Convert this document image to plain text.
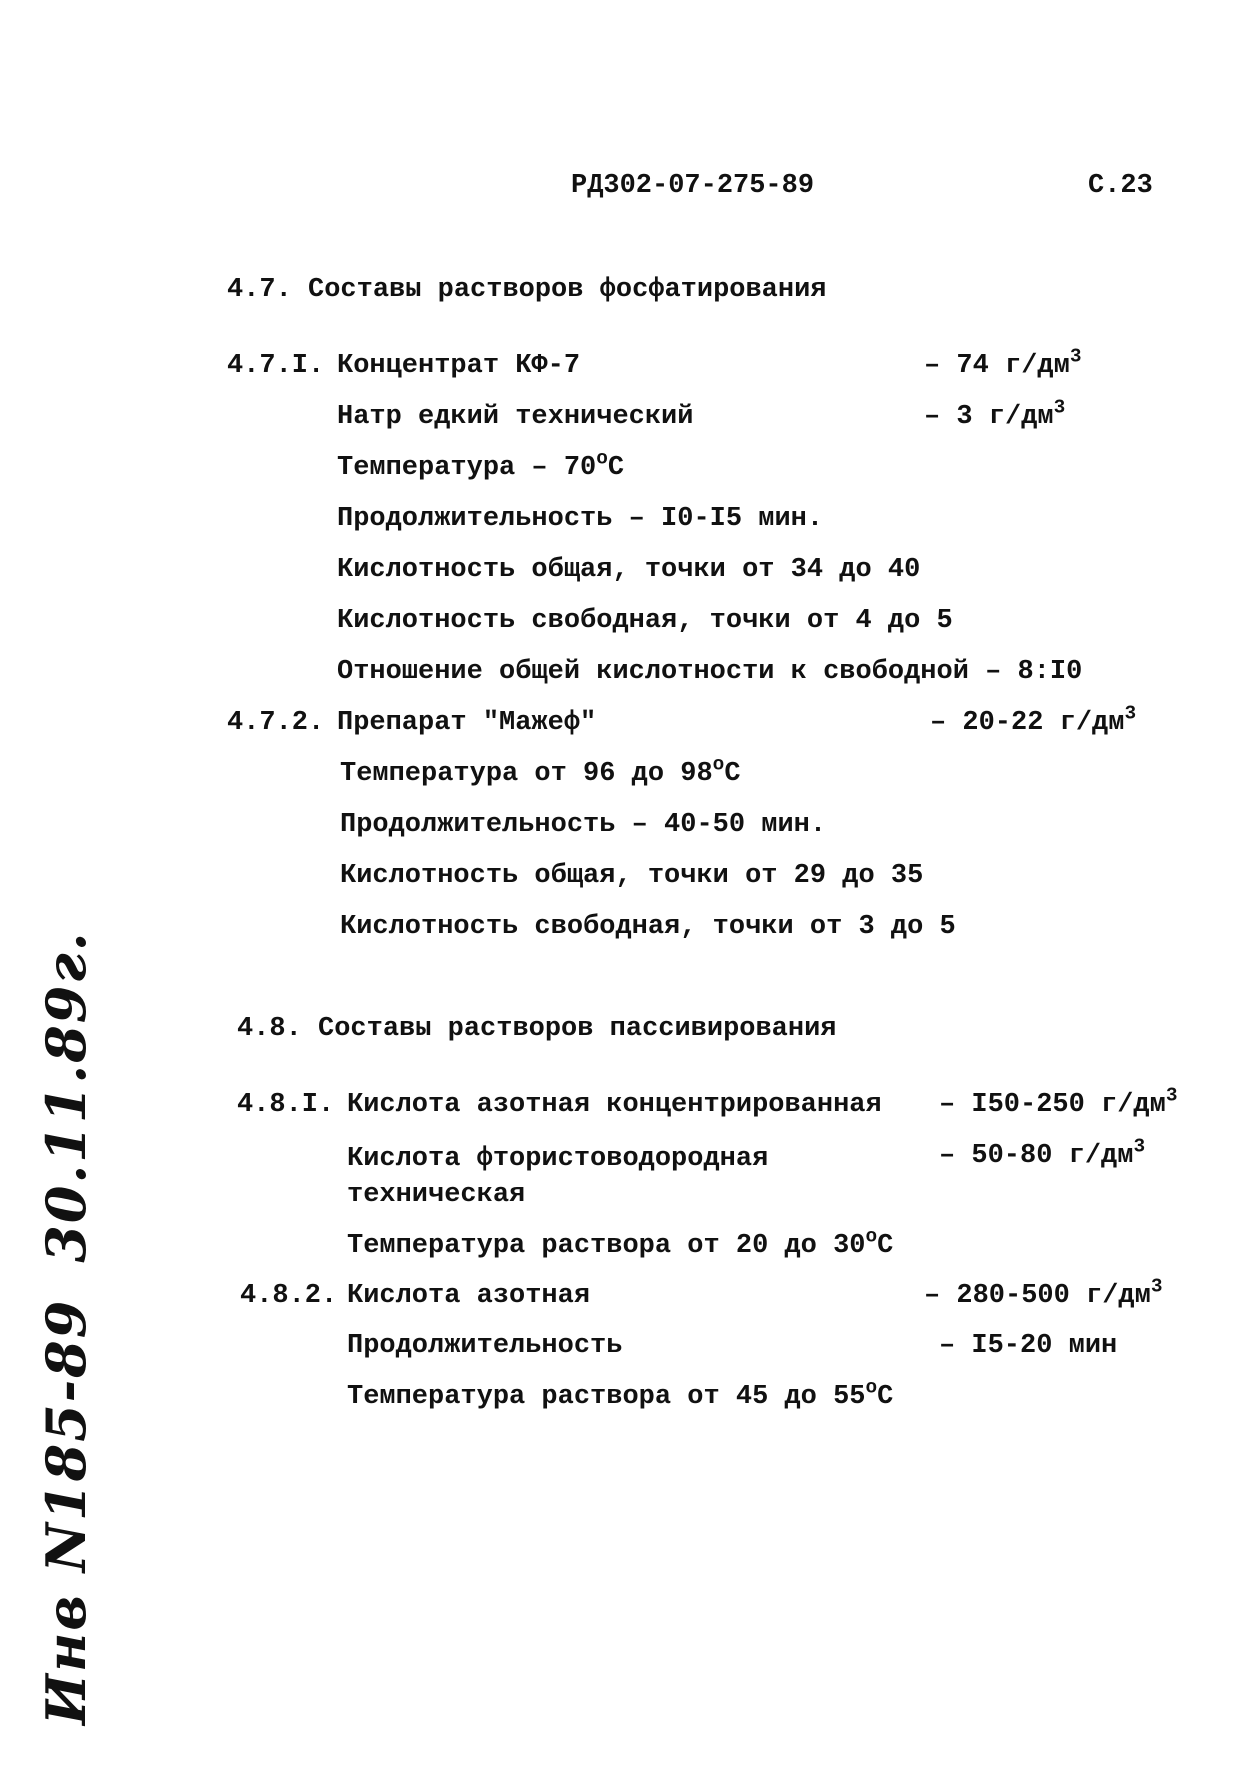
РД302-07-275-89	С.23
4.7. Составы растворов фосфатирования
4.7.I. Концентрат КФ-7	– 74 $г/дм^3$
Натр едкий технический	– 3 $г/дм^3$
Температура – $70^оС$
Продолжительность – I0-I5 мин.
Кислотность общая, точки от 34 до 40
Кислотность свободная, точки от 4 до 5
Отношение общей кислотности к свободной – 8:I0
4.7.2. Препарат "Мажеф"	– 20-22 $г/дм^3$
Температура от 96 до $98^оС$
Продолжительность – 40-50 мин.
Кислотность общая, точки от 29 до 35
Кислотность свободная, точки от 3 до 5
4.8. Составы растворов пассивирования
4.8.I. Кислота азотная концентрированная – I50-250 $г/дм^3$
Кислота фтористоводородная
техническая
– 50-80 $г/дм^3$
Температура раствора от 20 до $30^оС$
4.8.2. Кислота азотная	– 280-500 $г/дм^3$
Продолжительность	– I5-20 мин
Температура раствора от 45 до $55^оС$
Инв N185-8930.11.89г.
